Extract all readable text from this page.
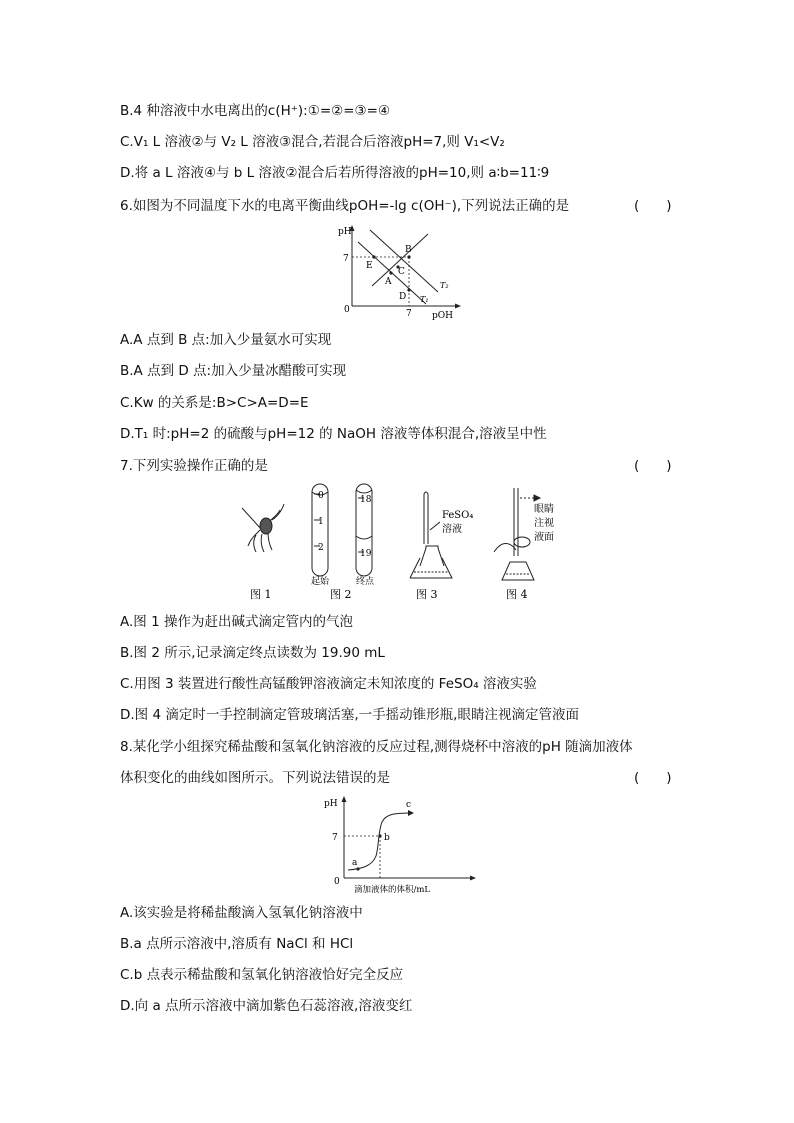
B.4 种溶液中水电离出的c(H⁺):①=②=③=④
C.V₁ L 溶液②与 V₂ L 溶液③混合,若混合后溶液pH=7,则 V₁<V₂
D.将 a L 溶液④与 b L 溶液②混合后若所得溶液的pH=10,则 a∶b=11∶9
6.如图为不同温度下水的电离平衡曲线pOH=-lg c(OH⁻),下列说法正确的是	(　　)
pH
pOH
0
7
7
B
E
C
A
D
T₂
T₁
A.A 点到 B 点:加入少量氨水可实现
B.A 点到 D 点:加入少量冰醋酸可实现
C.Kw 的关系是:B>C>A=D=E
D.T₁ 时:pH=2 的硫酸与pH=12 的 NaOH 溶液等体积混合,溶液呈中性
7.下列实验操作正确的是	(　　)
图 1
0
1
2
18
19
起始	终点
图 2
FeSO₄
溶液
图 3
眼睛
注视
液面
图 4
A.图 1 操作为赶出碱式滴定管内的气泡
B.图 2 所示,记录滴定终点读数为 19.90 mL
C.用图 3 装置进行酸性高锰酸钾溶液滴定未知浓度的 FeSO₄ 溶液实验
D.图 4 滴定时一手控制滴定管玻璃活塞,一手摇动锥形瓶,眼睛注视滴定管液面
8.某化学小组探究稀盐酸和氢氧化钠溶液的反应过程,测得烧杯中溶液的pH 随滴加液体
体积变化的曲线如图所示。下列说法错误的是	(　　)
pH
0
7
滴加液体的体积/mL
a
b
c
A.该实验是将稀盐酸滴入氢氧化钠溶液中
B.a 点所示溶液中,溶质有 NaCl 和 HCl
C.b 点表示稀盐酸和氢氧化钠溶液恰好完全反应
D.向 a 点所示溶液中滴加紫色石蕊溶液,溶液变红
